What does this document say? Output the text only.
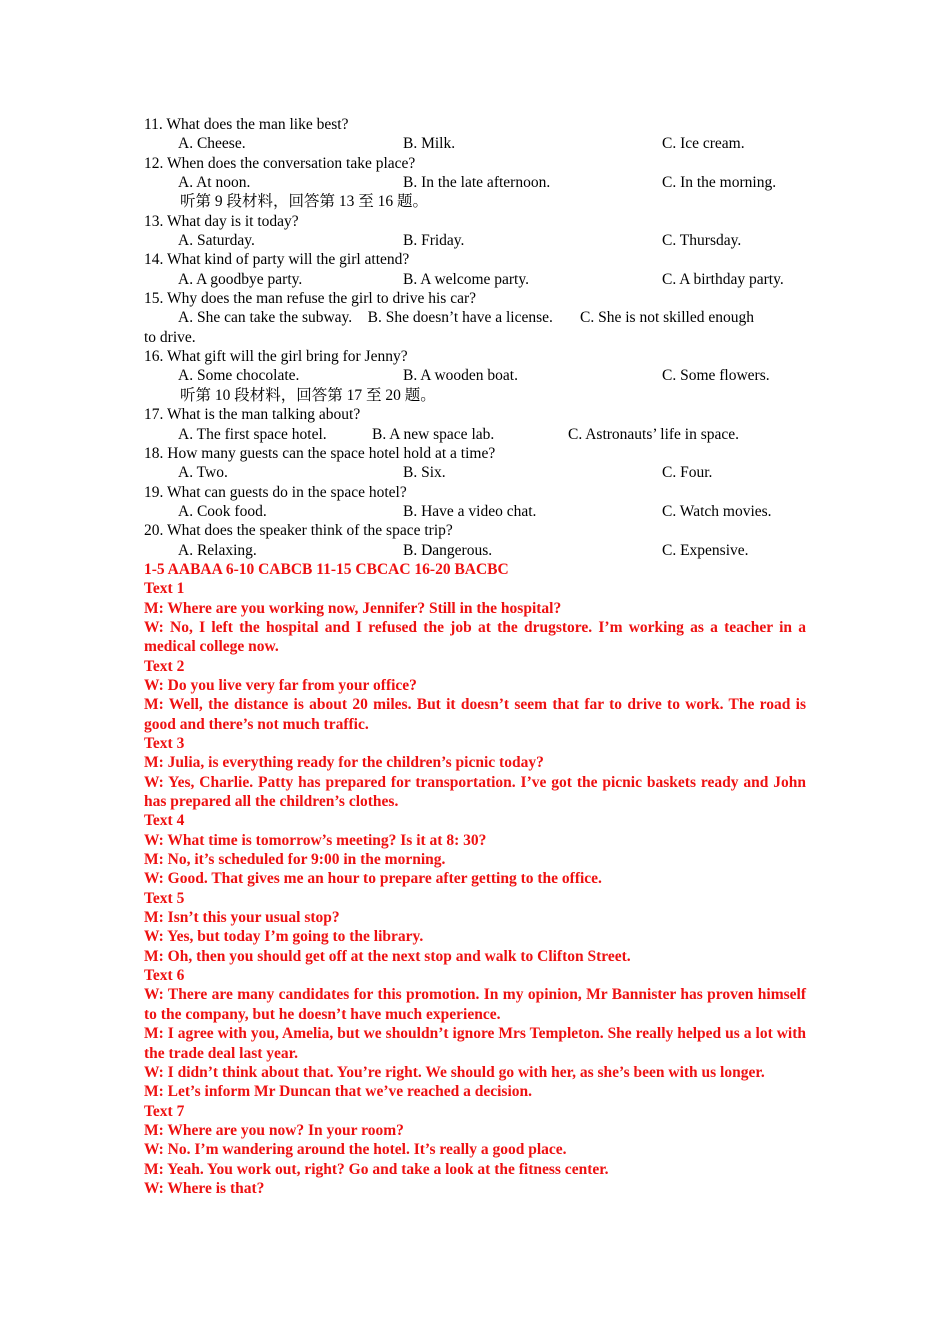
11. What does the man like best?
A. Cheese.	B. Milk.	C. Ice cream.
12. When does the conversation take place?
A. At noon.	B. In the late afternoon.	C. In the morning.
听第 9 段材料，回答第 13 至 16 题。
13. What day is it today?
A. Saturday.	B. Friday.	C. Thursday.
14. What kind of party will the girl attend?
A. A goodbye party.	B. A welcome party.	C. A birthday party.
15. Why does the man refuse the girl to drive his car?
A. She can take the subway.    B. She doesn’t have a license.       C. She is not skilled enough
to drive.
16. What gift will the girl bring for Jenny?
A. Some chocolate.	B. A wooden boat.	C. Some flowers.
听第 10 段材料，回答第 17 至 20 题。
17. What is the man talking about?
A. The first space hotel.	B. A new space lab.	C. Astronauts’ life in space.
18. How many guests can the space hotel hold at a time?
A. Two.	B. Six.	C. Four.
19. What can guests do in the space hotel?
A. Cook food.	B. Have a video chat.	C. Watch movies.
20. What does the speaker think of the space trip?
A. Relaxing.	B. Dangerous.	C. Expensive.
1-5 AABAA 6-10 CABCB 11-15 CBCAC 16-20 BACBC
Text 1
M: Where are you working now, Jennifer? Still in the hospital?
W: No, I left the hospital and I refused the job at the drugstore. I’m working as a teacher in a medical college now.
Text 2
W: Do you live very far from your office?
M: Well, the distance is about 20 miles. But it doesn’t seem that far to drive to work. The road is good and there’s not much traffic.
Text 3
M: Julia, is everything ready for the children’s picnic today?
W: Yes, Charlie. Patty has prepared for transportation. I’ve got the picnic baskets ready and John has prepared all the children’s clothes.
Text 4
W: What time is tomorrow’s meeting? Is it at 8: 30?
M: No, it’s scheduled for 9:00 in the morning.
W: Good. That gives me an hour to prepare after getting to the office.
Text 5
M: Isn’t this your usual stop?
W: Yes, but today I’m going to the library.
M: Oh, then you should get off at the next stop and walk to Clifton Street.
Text 6
W: There are many candidates for this promotion. In my opinion, Mr Bannister has proven himself to the company, but he doesn’t have much experience.
M: I agree with you, Amelia, but we shouldn’t ignore Mrs Templeton. She really helped us a lot with the trade deal last year.
W: I didn’t think about that. You’re right. We should go with her, as she’s been with us longer.
M: Let’s inform Mr Duncan that we’ve reached a decision.
Text 7
M: Where are you now? In your room?
W: No. I’m wandering around the hotel. It’s really a good place.
M: Yeah. You work out, right? Go and take a look at the fitness center.
W: Where is that?
